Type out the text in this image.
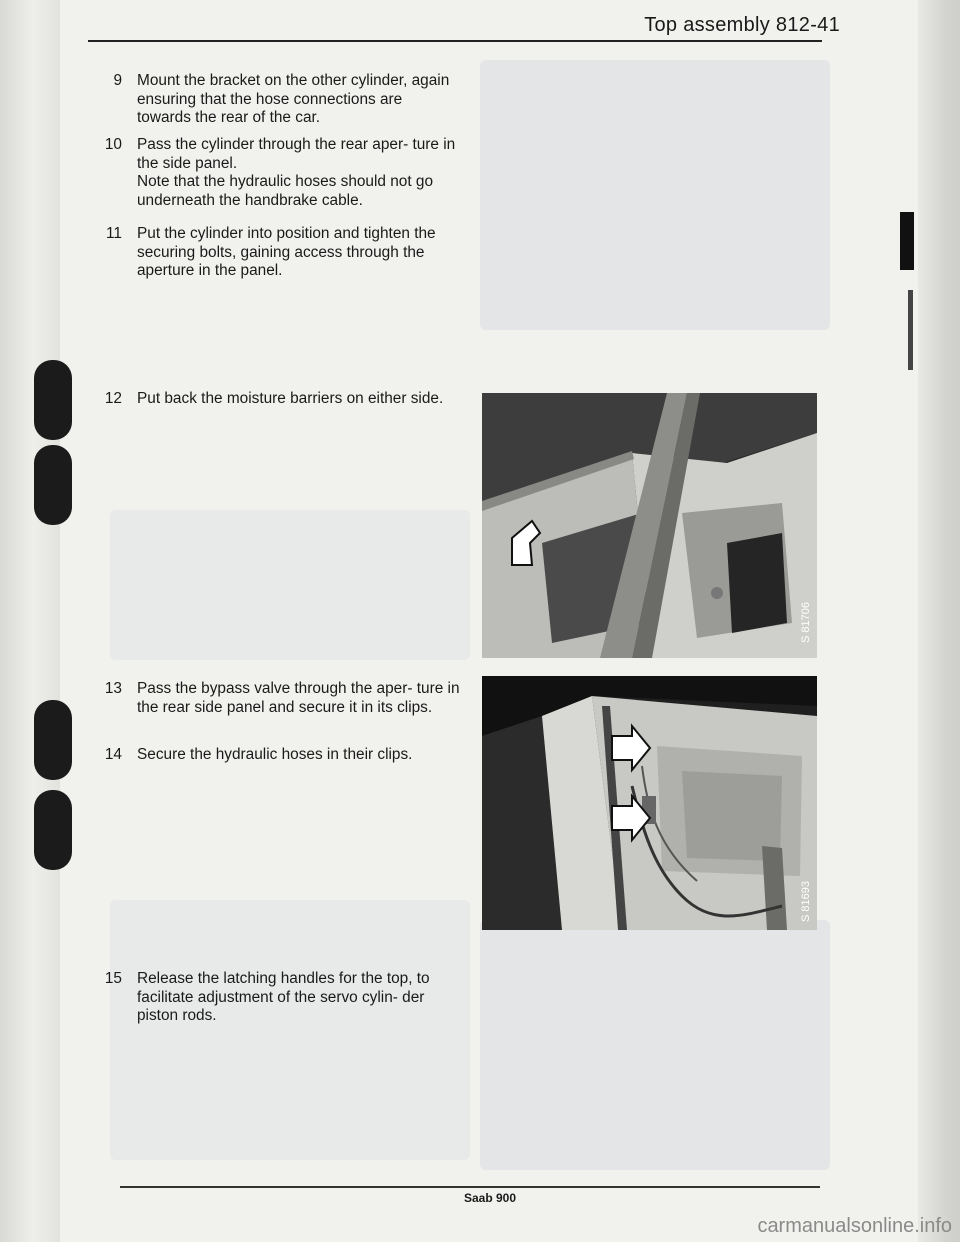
Top assembly 812-41
9 Mount the bracket on the other cylinder, again ensuring that the hose connections are towards the rear of the car.
10 Pass the cylinder through the rear aper- ture in the side panel.
Note that the hydraulic hoses should not go underneath the handbrake cable.
11 Put the cylinder into position and tighten the securing bolts, gaining access through the aperture in the panel.
12 Put back the moisture barriers on either side.
13 Pass the bypass valve through the aper- ture in the rear side panel and secure it in its clips.
14 Secure the hydraulic hoses in their clips.
15 Release the latching handles for the top, to facilitate adjustment of the servo cylin- der piston rods.
S 81706
S 81693
Saab 900
carmanualsonline.info
